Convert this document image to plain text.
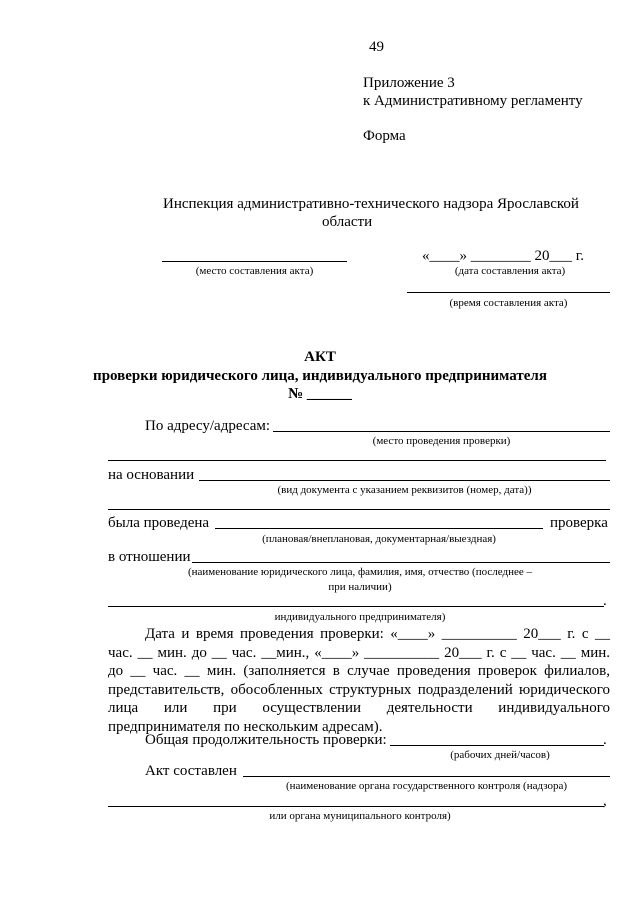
49
Приложение 3
к Административному регламенту
Форма
Инспекция административно-технического надзора Ярославской
области
(место составления акта)
«____» ________ 20___ г.
(дата составления акта)
(время составления акта)
АКТ
проверки юридического лица, индивидуального предпринимателя
№ ______
По адресу/адресам:
(место проведения проверки)
на основании
(вид документа с указанием реквизитов (номер, дата))
была проведена	проверка
(плановая/внеплановая, документарная/выездная)
в отношении
(наименование юридического лица, фамилия, имя, отчество (последнее –
при наличии)
.
индивидуального предпринимателя)
Дата и время проведения проверки: «____» __________ 20___ г. с __
час. __ мин. до __ час. __мин., «____» __________ 20___ г. с __ час. __ мин.
до __ час. __ мин. (заполняется в случае проведения проверок филиалов,
представительств, обособленных структурных подразделений юридического
лица или при осуществлении деятельности индивидуального
предпринимателя по нескольким адресам).
Общая продолжительность проверки:	.
(рабочих дней/часов)
Акт составлен
(наименование органа государственного контроля (надзора)
,
или органа муниципального контроля)
